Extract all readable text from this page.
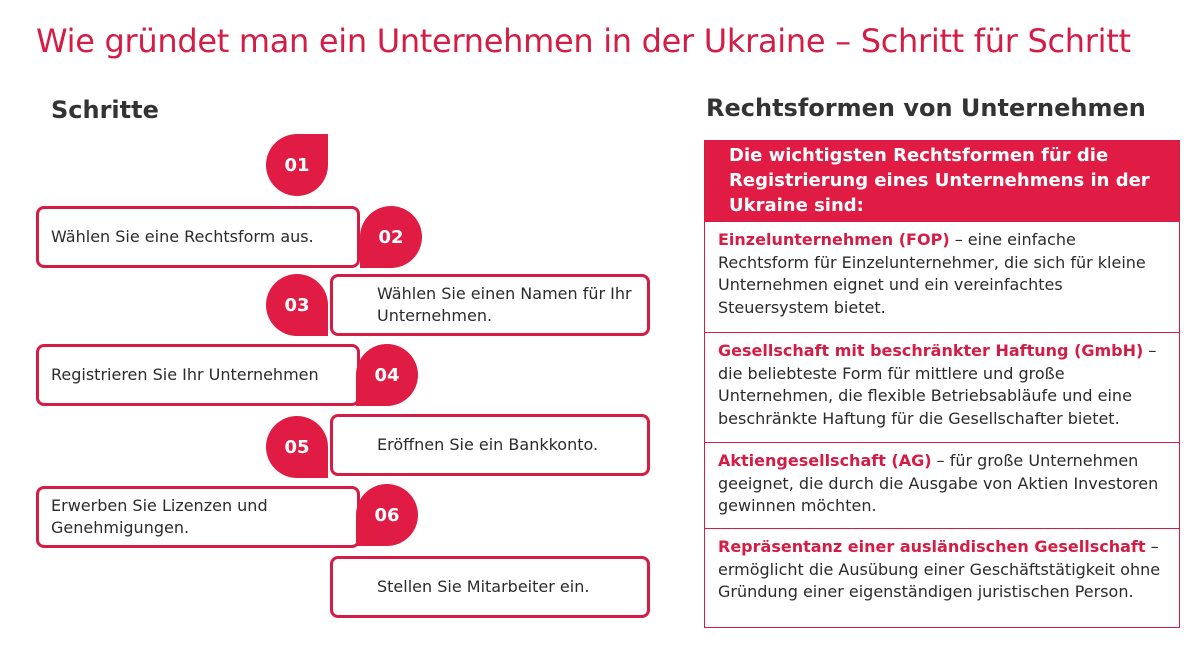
Wie gründet man ein Unternehmen in der Ukraine – Schritt für Schritt
Schritte	Rechtsformen von Unternehmen
Wählen Sie eine Rechtsform aus.
01
Wählen Sie einen Namen für Ihr Unternehmen.
02
Registrieren Sie Ihr Unternehmen
03
Eröffnen Sie ein Bankkonto.
04
Erwerben Sie Lizenzen und Genehmigungen.
05
Stellen Sie Mitarbeiter ein.
06
Die wichtigsten Rechtsformen für die Registrierung eines Unternehmens in der Ukraine sind:
Einzelunternehmen (FOP) – eine einfache Rechtsform für Einzelunternehmer, die sich für kleine Unternehmen eignet und ein vereinfachtes Steuersystem bietet.
Gesellschaft mit beschränkter Haftung (GmbH) – die beliebteste Form für mittlere und große Unternehmen, die flexible Betriebsabläufe und eine beschränkte Haftung für die Gesellschafter bietet.
Aktiengesellschaft (AG) – für große Unternehmen geeignet, die durch die Ausgabe von Aktien Investoren gewinnen möchten.
Repräsentanz einer ausländischen Gesellschaft – ermöglicht die Ausübung einer Geschäftstätigkeit ohne Gründung einer eigenständigen juristischen Person.
